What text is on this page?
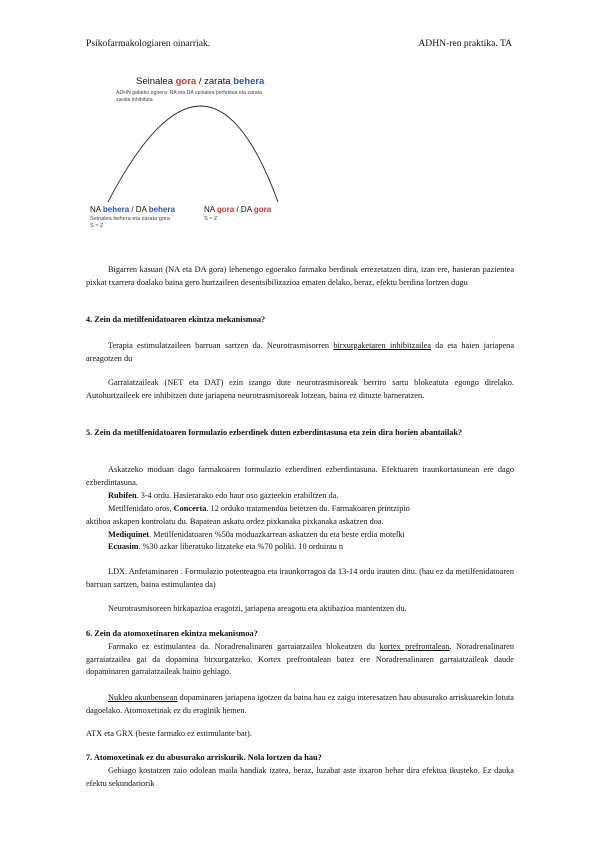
Psikofarmakologiaren oinarriak.	ADHN-ren praktika. TA
Seinalea gora / zarata behera
ADHN gabeko egoera: NA eta DA seinalea perfektua eta zarata
zarata inhibituta
NA behera / DA behera
Seinalea behera eta zarata gora
S ≈ Z
NA gora / DA gora
S ≈ Z
Bigarren kasuan (NA eta DA gora) lehenengo egoerako farmako berdinak errezetatzen dira, izan ere, hasieran pazientea pixkat txarrera doalako baina gero hurtzaileen desentsibilizazioa ematen delako, beraz, efektu berdina lortzen dugu
4. Zein da metilfenidatoaren ekintza mekanismoa?
Terapia estimulatzaileen barruan sartzen da. Neurotrasmisorren birxurgaketaren inhibitzailea da eta haien jariapena areagotzen du
Garraiatzaileak (NET eta DAT) ezin izango dute neurotrasmisoreak berriro sartu blokeatuta egongo direlako. Autohurtzaileek ere inhibitzen dute jariapena neurotrasmisoreak lotzean, baina ez dituzte barneratzen.
5. Zein da metilfenidatoaren formulazio ezberdinek duten ezberdintasuna eta zein dira horien abantailak?
Askatzeko moduan dago farmakoaren formulazio ezberdinen ezberdintasuna. Efektuaren iraunkortasunean ere dago ezberdintasuna.
Rubifen. 3-4 ordu. Hasierarako edo haur oso gazteekin erabiltzen da.
Metilfenidato oros, Concerta. 12 orduko tratamendua betetzen du. Farmakoaren printzipio
aktiboa askapen kontrolatu du. Bapatean askatu ordez pixkanaka pixkanaka askatzen doa.
Mediquinet. Metilfenidatoaren %50a moduazkarrean askatzen du eta beste erdia motelki
Ecuasim. %30 azkar liberatuko litzateke eta %70 poliki. 10 orduirau n
LDX. Anfetaminaren . Formulazio potenteagoa eta iraunkorragoa da 13-14 ordu irauten ditu. (hau ez da metilfenidatoaren barruan sartzen, baina estimulantea da)
Neurotrasmisoreen birkapazioa eragotzi, jariapena areagotu eta aktibazioa mantentzen du.
6. Zein da atomoxetinaren ekintza mekanismoa?
Farmako ez estimulantea da. Noradrenalinaren garraiatzailea blokeatzen du kortex prefrontalean. Noradrenalinaren garraiatzailea gai da dopamina birxurgatzeko. Kortex prefrontalean batez ere Noradrenalinaren garraiatzaileak daude dopaminaren garraiatzaileak baino gehiago.
Nukleo akunbensean dopaminaren jariapena igotzen da baina hau ez zaigu interesatzen hau abusurako arriskuarekin lotuta dagoelako. Atomoxetinak ez du eraginik hemen.
ATX eta GRX (beste farmako ez estimulante bat).
7. Atomoxetinak ez du abusurako arriskurik. Nola lortzen da hau?
Gehiago kostatzen zaio odolean maila handiak izatea, beraz, luzabat aste itxaron behar dira efektua ikusteko. Ez dauka efektu sekundariorik
